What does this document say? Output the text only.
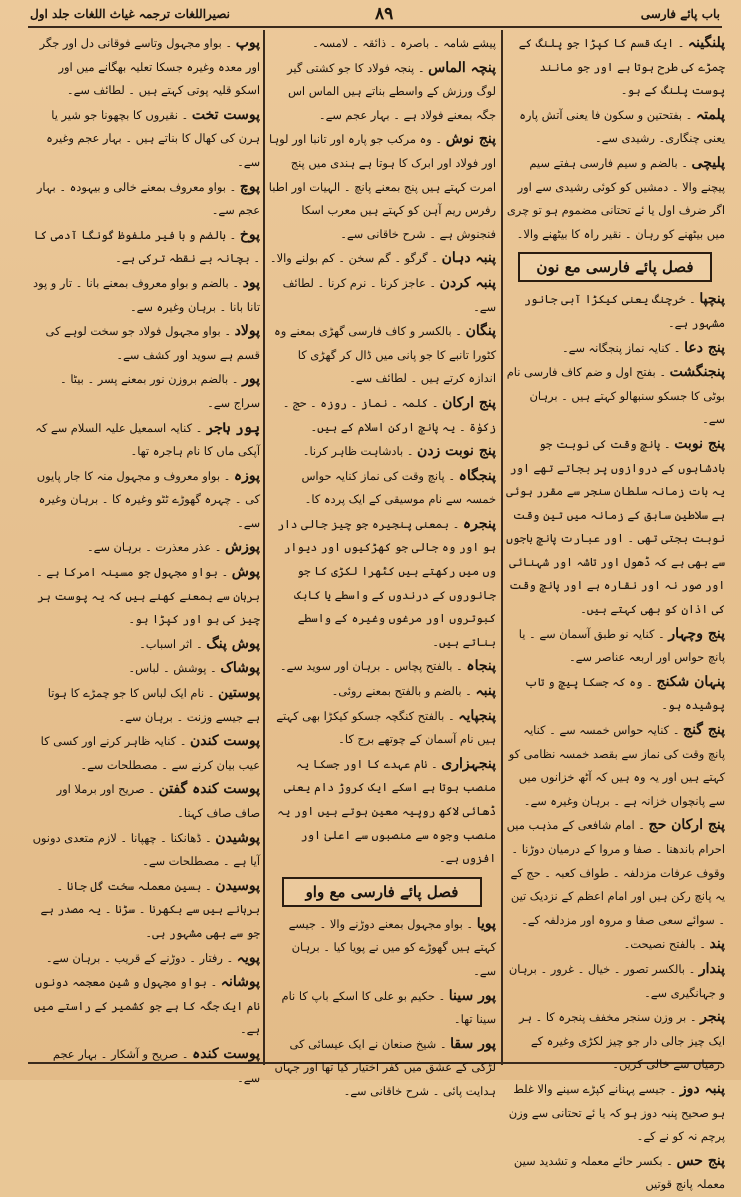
باب پائے فارسی
۸۹
نصیراللغات ترجمہ غیاث اللغات جلد اول
پلنگینہ ۔ ایک قسم کا کپڑا جو پلنگ کے چمڑے کی طرح ہوتا ہے اور جو مانند پوست پلنگ کے ہو۔
پلمتہ ۔ بفتحتین و سکون فا یعنی آتش پارہ یعنی چنگاری۔ رشیدی سے۔
پلیچی ۔ بالضم و سیم فارسی ہفتے سیم پیچنے والا ۔ دمشیں کو کوئی رشیدی سے اور اگر ضرف اول یا ئے تحتانی مضموم ہو تو چری میں بیٹھنے کو رہان ۔ نقیر راہ کا بیٹھنے والا۔
فصل پائے فارسی مع نون
پنچپا ۔ خرچنگ یعنی کیکڑا آبی جانور مشہور ہے۔
پنج دعا ۔ کنایہ نماز پنجگانہ سے۔
پنجنگشت ۔ بفتح اول و ضم کاف فارسی نام بوٹی کا جسکو سنبھالو کہتے ہیں ۔ برہان سے۔
پنج نوبت ۔ پانچ وقت کی نوبت جو بادشاہوں کے دروازوں پر بجاتے تھے اور یہ بات زمانہ سلطان سنجر سے مقرر ہوئی ہے سلاطین سابق کے زمانہ میں تین وقت نوبت بجتی تھی ۔ اور عبارت پانچ باجوں سے بھی ہے کہ ڈھول اور تاشہ اور شہنائی اور صور نہ اور نقارہ ہے اور پانچ وقت کی اذان کو بھی کہتے ہیں۔
پنج وچہار ۔ کنایہ نو طبق آسمان سے ۔ یا پانچ حواس اور اربعہ عناصر سے۔
پنہان شکنج ۔ وہ کہ جسکا پیچ و تاب پوشیدہ ہو۔
پنج گنج ۔ کنایہ حواس خمسہ سے ۔ کنایہ پانچ وقت کی نماز سے بقصد خمسہ نظامی کو کہتے ہیں اور یہ وہ ہیں کہ آٹھ خزانوں میں سے پانچواں خزانہ ہے ۔ برہان وغیرہ سے۔
پنج ارکان حج ۔ امام شافعی کے مذہب میں احرام باندھنا ۔ صفا و مروا کے درمیان دوڑنا ۔ وقوف عرفات مزدلفہ ۔ طواف کعبہ ۔ حج کے یہ پانچ رکن ہیں اور امام اعظم کے نزدیک تین ۔ سوائے سعی صفا و مروہ اور مزدلفہ کے۔
پند ۔ بالفتح نصیحت۔
پندار ۔ بالکسر تصور ۔ خیال ۔ غرور ۔ برہان و جہانگیری سے۔
پنجر ۔ بر وزن سنجر مخفف پنجرہ کا ۔ ہر ایک چیز جالی دار جو چیز لکڑی وغیرہ کے درمیان سے خالی کریں۔
پنبہ دوز ۔ جیسے پہنانے کپڑے سینے والا غلط ہو صحیح پنبہ دوز ہو کہ یا ئے تحتانی سے وزن پرچم نہ کو نے کے۔
پنج حس ۔ بکسر حائے معملہ و تشدید سین معملہ پانچ قوتیں
پیشے شامہ ۔ باصرہ ۔ ذائقہ ۔ لامسہ۔
پنچہ الماس ۔ پنجہ فولاد کا جو کشتی گیر لوگ ورزش کے واسطے بناتے ہیں الماس اس جگہ بمعنے فولاد ہے ۔ بہار عجم سے۔
پنج نوش ۔ وہ مرکب جو پارہ اور تانبا اور لوہا اور فولاد اور ابرک کا ہوتا ہے ہندی میں پنج امرت کہتے ہیں پنج بمعنے پانچ ۔ الہیات اور اطبا رفرس ریم آہن کو کہتے ہیں معرب اسکا فنجنوش ہے ۔ شرح خاقانی سے۔
پنبہ دہان ۔ گرگو ۔ گم سخن ۔ کم بولنے والا۔
پنبہ کردن ۔ عاجز کرنا ۔ نرم کرنا ۔ لطائف سے۔
پنگان ۔ بالکسر و کاف فارسی گھڑی بمعنے وہ کٹورا تانبے کا جو پانی میں ڈال کر گھڑی کا اندازہ کرتے ہیں ۔ لطائف سے۔
پنج ارکان ۔ کلمہ ۔ نماز ۔ روزہ ۔ حج ۔ زکوٰۃ ۔ یہ پانچ ارکن اسلام کے ہیں۔
پنج نوبت زدن ۔ بادشاہت ظاہر کرنا۔
پنجگاہ ۔ پانچ وقت کی نماز کنایہ حواس خمسہ سے نام موسیقی کے ایک پردہ کا۔
پنجرہ ۔ بمعنی پنجیرہ جو چیز جالی دار ہو اور وہ جالی جو کھڑکیوں اور دیوار وں میں رکھتے ہیں کٹھرا لکڑی کا جو جانوروں کے درندوں کے واسطے یا کابک کبوتروں اور مرغوں وغیرہ کے واسطے بناتے ہیں۔
پنجاہ ۔ بالفتح پچاس ۔ برہان اور سوید سے۔
پنبہ ۔ بالضم و بالفتح بمعنے روئی۔
پنجپایہ ۔ بالفتح کنگچہ جسکو کیکڑا بھی کہتے ہیں نام آسمان کے چوتھے برج کا۔
پنجہزاری ۔ نام عہدے کا اور جسکا یہ منصب ہوتا ہے اسکے ایک کروڑ دام یعنی ڈھائی لاکھ روپیہ معین ہوتے ہیں اور یہ منصب وجوہ سے منصبوں سے اعلیٰ اور افزوں ہے۔
فصل پائے فارسی مع واو
پویا ۔ بواو مجہول بمعنے دوڑنے والا ۔ جیسے کہتے ہیں گھوڑے کو میں نے پویا کیا ۔ برہان سے۔
پور سینا ۔ حکیم بو علی کا اسکے باپ کا نام سینا تھا۔
پور سقا ۔ شیخ صنعان نے ایک عیسائی کی لڑکی کے عشق میں کفر اختیار کیا تھا اور جہاں ہدایت پائی ۔ شرح خاقانی سے۔
پوپ ۔ بواو مجہول وتاسے فوقانی دل اور جگر اور معدہ وغیرہ جسکا تعلیہ بھگانے میں اور اسکو قلیہ پوتی کہتے ہیں ۔ لطائف سے۔
پوست تخت ۔ نقیروں کا بچھونا جو شیر یا ہرن کی کھال کا بناتے ہیں ۔ بہار عجم وغیرہ سے۔
پوچ ۔ بواو معروف بمعنے خالی و بیہودہ ۔ بہار عجم سے۔
پوخ ۔ بالضم و با فیر ملفوظ گونگا آدمی کا ۔ بچانہ بے نقطہ ترکی ہے۔
پود ۔ بالضم و بواو معروف بمعنے بانا ۔ تار و پود تانا بانا ۔ برہان وغیرہ سے۔
پولاد ۔ بواو مجہول فولاد جو سخت لوہے کی قسم ہے سوید اور کشف سے۔
پور ۔ بالضم بروزن نور بمعنے پسر ۔ بیٹا ۔ سراج سے۔
پور ہاجر ۔ کنایہ اسمعیل علیہ السلام سے کہ آپکی ماں کا نام ہاجرہ تھا۔
پوزہ ۔ بواو معروف و مجہول منہ کا جار پایوں کی ۔ چہرہ گھوڑے ٹٹو وغیرہ کا ۔ برہان وغیرہ سے۔
پوزش ۔ عذر معذرت ۔ برہان سے۔
پوش ۔ بواو مجہول جو مسینہ امرکا ہے ۔ برہان سے بمعنے کھنے ہیں کہ یہ پوست ہر چیز کی ہو اور کپڑا ہو۔
پوش پنگ ۔ اثر اسباب۔
پوشاک ۔ پوشش ۔ لباس۔
پوستین ۔ نام ایک لباس کا جو چمڑے کا ہوتا ہے جیسے وزنت ۔ برہان سے۔
پوست کندن ۔ کنایہ ظاہر کرنے اور کسی کا عیب بیان کرنے سے ۔ مصطلحات سے۔
پوست کندہ گفتن ۔ صریح اور برملا اور صاف صاف کہنا۔
پوشیدن ۔ ڈھانکنا ۔ چھپانا ۔ لازم متعدی دونوں آیا ہے ۔ مصطلحات سے۔
پوسیدن ۔ بسین معملہ سخت گل جانا ۔ برہانے ہیں سے بکھرنا ۔ سڑنا ۔ یہ مصدر ہے جو سے بھی مشہور ہی۔
پویہ ۔ رفتار ۔ دوڑنے کے قریب ۔ برہان سے۔
پوشانہ ۔ بواو مجہول و شین معجمہ دونوں نام ایک جگہ کا ہے جو کشمیر کے راستے میں ہے۔
پوست کندہ ۔ صریح و آشکار ۔ بہار عجم سے۔
